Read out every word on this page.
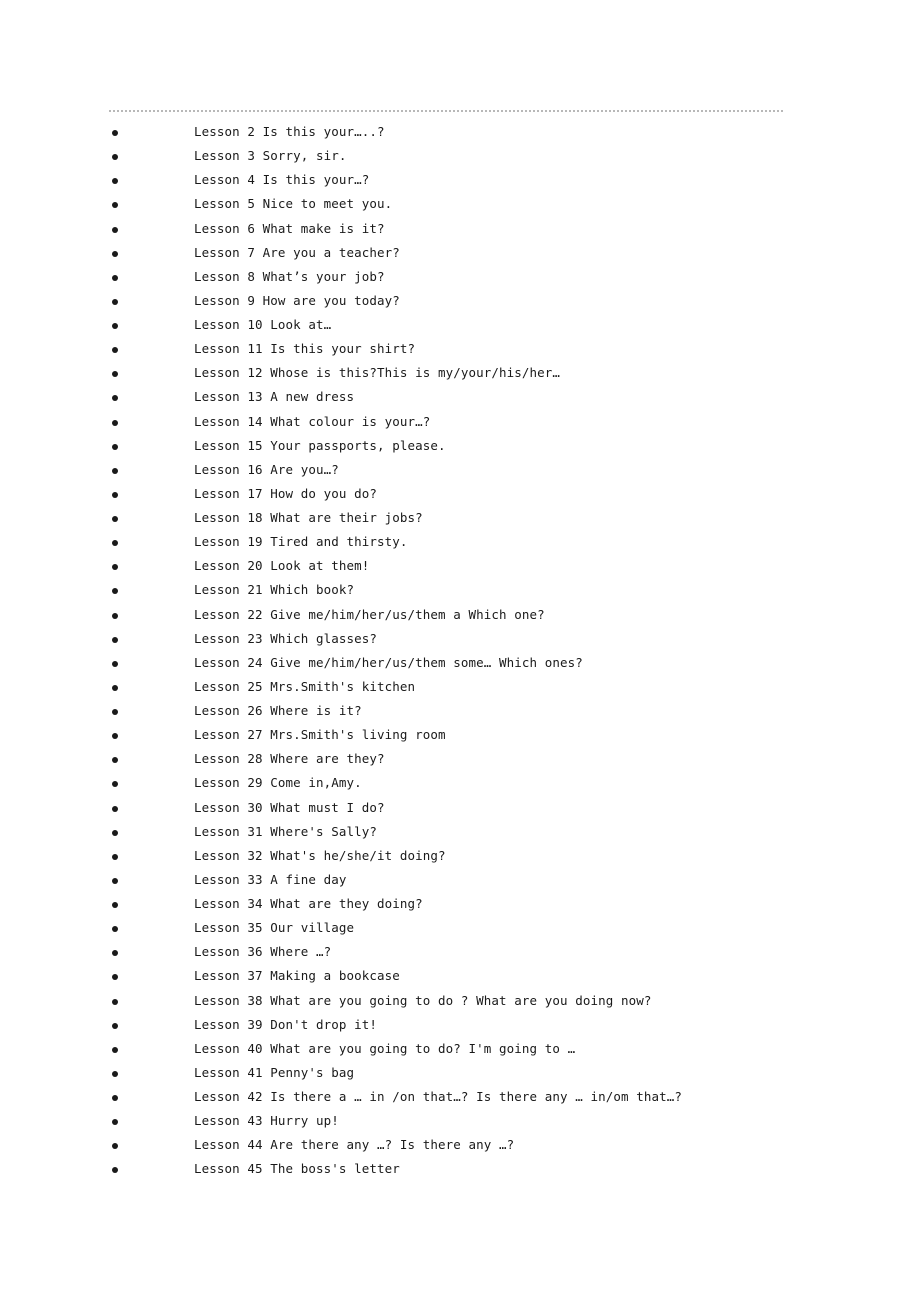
Lesson 2 Is this your…..?
Lesson 3 Sorry, sir.
Lesson 4 Is this your…?
Lesson 5 Nice to meet you.
Lesson 6 What make is it?
Lesson 7 Are you a teacher?
Lesson 8 What’s your job?
Lesson 9 How are you today?
Lesson 10 Look at…
Lesson 11 Is this your shirt?
Lesson 12 Whose is this?This is my/your/his/her…
Lesson 13 A new dress
Lesson 14 What colour is your…?
Lesson 15 Your passports, please.
Lesson 16 Are you…?
Lesson 17 How do you do?
Lesson 18 What are their jobs?
Lesson 19 Tired and thirsty.
Lesson 20 Look at them!
Lesson 21 Which book?
Lesson 22 Give me/him/her/us/them a Which one?
Lesson 23 Which glasses?
Lesson 24 Give me/him/her/us/them some… Which ones?
Lesson 25 Mrs.Smith's kitchen
Lesson 26 Where is it?
Lesson 27 Mrs.Smith's living room
Lesson 28 Where are they?
Lesson 29 Come in,Amy.
Lesson 30 What must I do?
Lesson 31 Where's Sally?
Lesson 32 What's he/she/it doing?
Lesson 33 A fine day
Lesson 34 What are they doing?
Lesson 35 Our village
Lesson 36 Where …?
Lesson 37 Making a bookcase
Lesson 38 What are you going to do ? What are you doing now?
Lesson 39 Don't drop it!
Lesson 40 What are you going to do? I'm going to …
Lesson 41 Penny's bag
Lesson 42 Is there a … in /on that…? Is there any … in/om that…?
Lesson 43 Hurry up!
Lesson 44 Are there any …? Is there any …?
Lesson 45 The boss's letter
